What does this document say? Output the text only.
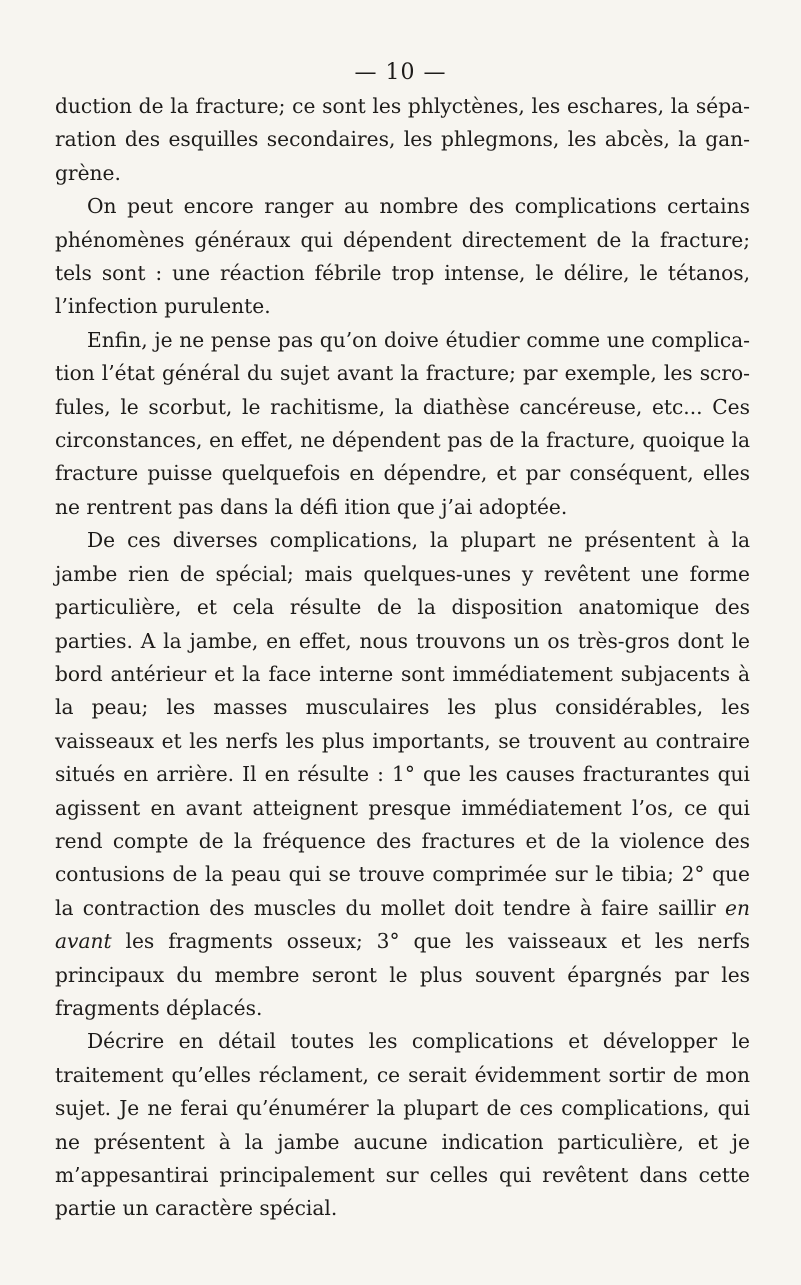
— 10 —

duction de la fracture; ce sont les phlyctènes, les eschares, la séparation des esquilles secondaires, les phlegmons, les abcès, la gangrène.

On peut encore ranger au nombre des complications certains phénomènes généraux qui dépendent directement de la fracture; tels sont : une réaction fébrile trop intense, le délire, le tétanos, l’infection purulente.

Enfin, je ne pense pas qu’on doive étudier comme une complication l’état général du sujet avant la fracture; par exemple, les scrofules, le scorbut, le rachitisme, la diathèse cancéreuse, etc... Ces circonstances, en effet, ne dépendent pas de la fracture, quoique la fracture puisse quelquefois en dépendre, et par conséquent, elles ne rentrent pas dans la défi ition que j’ai adoptée.

De ces diverses complications, la plupart ne présentent à la jambe rien de spécial; mais quelques-unes y revêtent une forme particulière, et cela résulte de la disposition anatomique des parties. A la jambe, en effet, nous trouvons un os très-gros dont le bord antérieur et la face interne sont immédiatement subjacents à la peau; les masses musculaires les plus considérables, les vaisseaux et les nerfs les plus importants, se trouvent au contraire situés en arrière. Il en résulte : 1° que les causes fracturantes qui agissent en avant atteignent presque immédiatement l’os, ce qui rend compte de la fréquence des fractures et de la violence des contusions de la peau qui se trouve comprimée sur le tibia; 2° que la contraction des muscles du mollet doit tendre à faire saillir en avant les fragments osseux; 3° que les vaisseaux et les nerfs principaux du membre seront le plus souvent épargnés par les fragments déplacés.

Décrire en détail toutes les complications et développer le traitement qu’elles réclament, ce serait évidemment sortir de mon sujet. Je ne ferai qu’énumérer la plupart de ces complications, qui ne présentent à la jambe aucune indication particulière, et je m’appesantirai principalement sur celles qui revêtent dans cette partie un caractère spécial.
